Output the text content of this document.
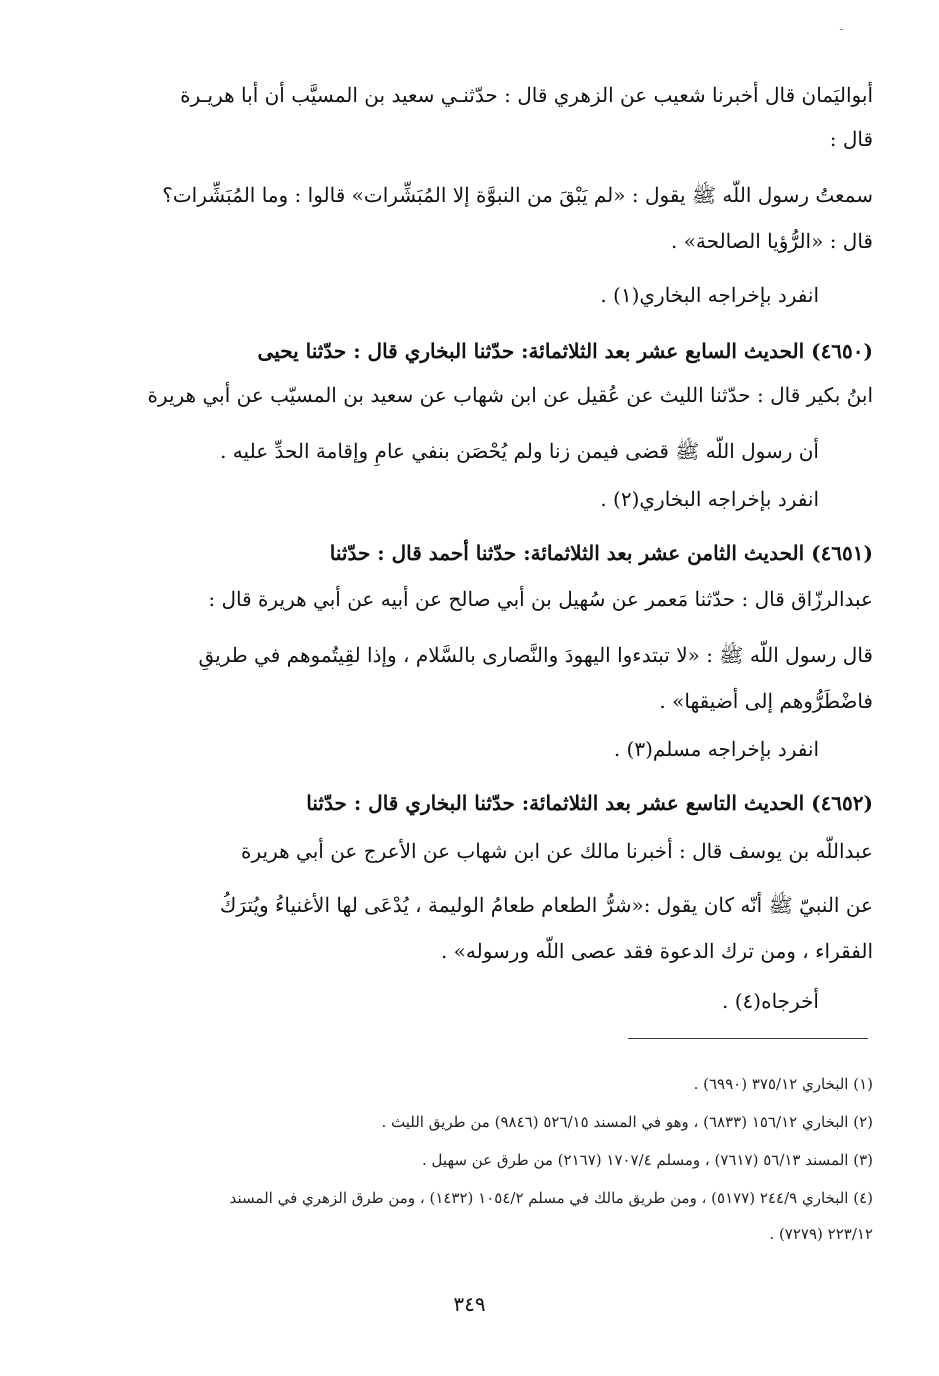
ـ
أبواليَمان قال أخبرنا شعيب عن الزهري قال : حدّثنـي سعيد بن المسيَّب أن أبا هريـرة
قال :
سمعتُ رسول اللّه ﷺ يقول : «لم يَبْقَ من النبوَّة إلا المُبَشِّرات» قالوا : وما المُبَشِّرات؟
قال : «الرُّؤيا الصالحة» .
انفرد بإخراجه البخاري(١) .
(٤٦٥٠) الحديث السابع عشر بعد الثلاثمائة: حدّثنا البخاري قال : حدّثنا يحيى
ابنُ بكير قال : حدّثنا الليث عن عُقيل عن ابن شهاب عن سعيد بن المسيّب عن أبي هريرة
أن رسول اللّه ﷺ قضى فيمن زنا ولم يُحْصَن بنفي عامٍ وإقامة الحدِّ عليه .
انفرد بإخراجه البخاري(٢) .
(٤٦٥١) الحديث الثامن عشر بعد الثلاثمائة: حدّثنا أحمد قال : حدّثنا
عبدالرزّاق قال : حدّثنا مَعمر عن سُهيل بن أبي صالح عن أبيه عن أبي هريرة قال :
قال رسول اللّه ﷺ : «لا تبتدءوا اليهودَ والنَّصارى بالسَّلام ، وإذا لقِيتُموهم في طريقٍ
فاضْطَرُّوهم إلى أضيقها» .
انفرد بإخراجه مسلم(٣) .
(٤٦٥٢) الحديث التاسع عشر بعد الثلاثمائة: حدّثنا البخاري قال : حدّثنا
عبداللّه بن يوسف قال : أخبرنا مالك عن ابن شهاب عن الأعرج عن أبي هريرة
عن النبيّ ﷺ أنّه كان يقول :«شرُّ الطعام طعامُ الوليمة ، يُدْعَى لها الأغنياءُ ويُترَكُ
الفقراء ، ومن ترك الدعوة فقد عصى اللّه ورسوله» .
أخرجاه(٤) .
(١) البخاري ٣٧٥/١٢ (٦٩٩٠) .
(٢) البخاري ١٥٦/١٢ (٦٨٣٣) ، وهو في المسند ٥٢٦/١٥ (٩٨٤٦) من طريق الليث .
(٣) المسند ٥٦/١٣ (٧٦١٧) ، ومسلم ١٧٠٧/٤ (٢١٦٧) من طرق عن سهيل .
(٤) البخاري ٢٤٤/٩ (٥١٧٧) ، ومن طريق مالك في مسلم ١٠٥٤/٢ (١٤٣٢) ، ومن طرق الزهري في المسند
٢٢٣/١٢ (٧٢٧٩) .
٣٤٩
